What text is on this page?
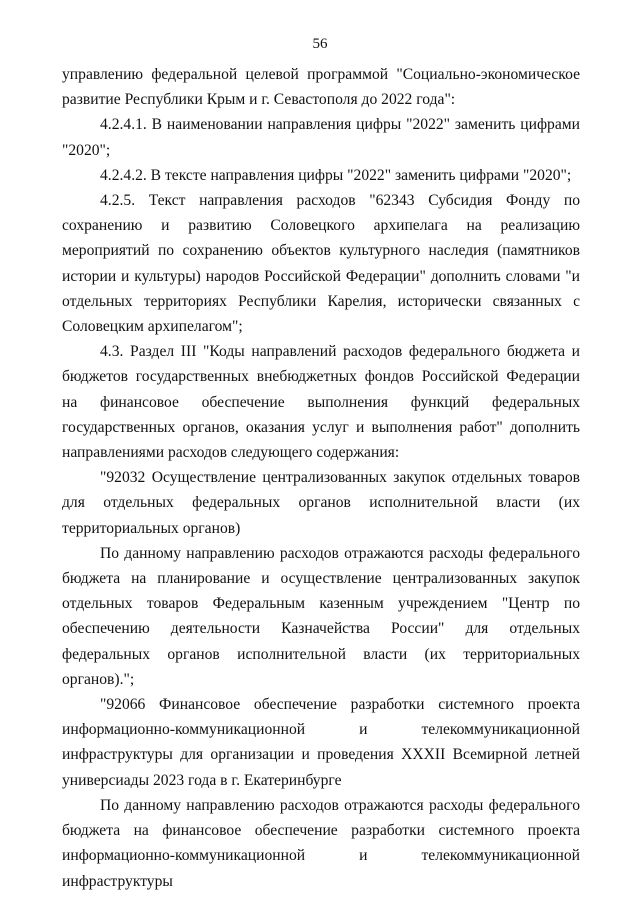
56

управлению федеральной целевой программой "Социально-экономическое развитие Республики Крым и г. Севастополя до 2022 года":

4.2.4.1. В наименовании направления цифры "2022" заменить цифрами "2020";

4.2.4.2. В тексте направления цифры "2022" заменить цифрами "2020";

4.2.5. Текст направления расходов "62343 Субсидия Фонду по сохранению и развитию Соловецкого архипелага на реализацию мероприятий по сохранению объектов культурного наследия (памятников истории и культуры) народов Российской Федерации" дополнить словами "и отдельных территориях Республики Карелия, исторически связанных с Соловецким архипелагом";

4.3. Раздел III "Коды направлений расходов федерального бюджета и бюджетов государственных внебюджетных фондов Российской Федерации на финансовое обеспечение выполнения функций федеральных государственных органов, оказания услуг и выполнения работ" дополнить направлениями расходов следующего содержания:

"92032 Осуществление централизованных закупок отдельных товаров для отдельных федеральных органов исполнительной власти (их территориальных органов)

По данному направлению расходов отражаются расходы федерального бюджета на планирование и осуществление централизованных закупок отдельных товаров Федеральным казенным учреждением "Центр по обеспечению деятельности Казначейства России" для отдельных федеральных органов исполнительной власти (их территориальных органов).";

"92066 Финансовое обеспечение разработки системного проекта информационно-коммуникационной и телекоммуникационной инфраструктуры для организации и проведения XXXII Всемирной летней универсиады 2023 года в г. Екатеринбурге

По данному направлению расходов отражаются расходы федерального бюджета на финансовое обеспечение разработки системного проекта информационно-коммуникационной и телекоммуникационной инфраструктуры
